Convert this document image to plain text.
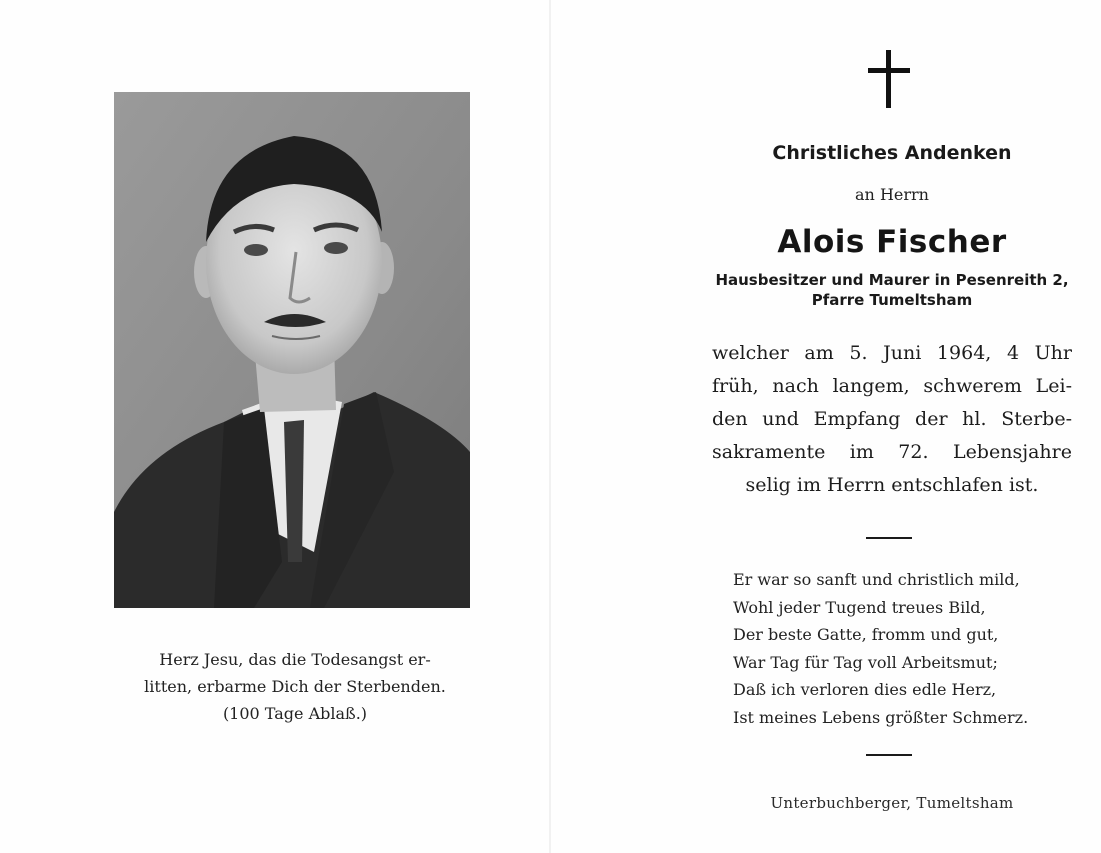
Herz Jesu, das die Todesangst er-
litten, erbarme Dich der Sterbenden.
(100 Tage Ablaß.)
Christliches Andenken
an Herrn
Alois Fischer
Hausbesitzer und Maurer in Pesenreith 2,
Pfarre Tumeltsham
welcher am 5. Juni 1964, 4 Uhr
früh, nach langem, schwerem Lei-
den und Empfang der hl. Sterbe-
sakramente im 72. Lebensjahre
selig im Herrn entschlafen ist.
Er war so sanft und christlich mild,
Wohl jeder Tugend treues Bild,
Der beste Gatte, fromm und gut,
War Tag für Tag voll Arbeitsmut;
Daß ich verloren dies edle Herz,
Ist meines Lebens größter Schmerz.
Unterbuchberger, Tumeltsham
